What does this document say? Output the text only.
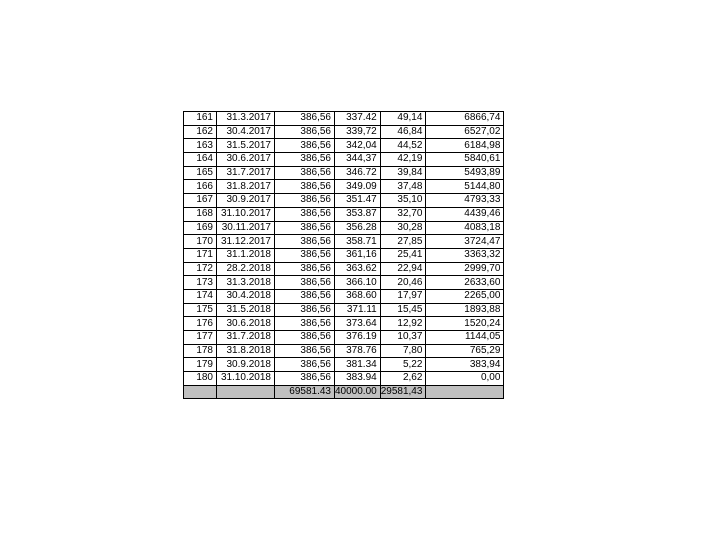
161	31.3.2017	386,56	337.42	49,14	6866,74
162	30.4.2017	386,56	339,72	46,84	6527,02
163	31.5.2017	386,56	342,04	44,52	6184,98
164	30.6.2017	386,56	344,37	42,19	5840,61
165	31.7.2017	386,56	346.72	39,84	5493,89
166	31.8.2017	386,56	349.09	37,48	5144,80
167	30.9.2017	386,56	351.47	35,10	4793,33
168	31.10.2017	386,56	353.87	32,70	4439,46
169	30.11.2017	386,56	356.28	30,28	4083,18
170	31.12.2017	386,56	358.71	27,85	3724,47
171	31.1.2018	386,56	361,16	25,41	3363,32
172	28.2.2018	386,56	363.62	22,94	2999,70
173	31.3.2018	386,56	366.10	20,46	2633,60
174	30.4.2018	386,56	368.60	17,97	2265,00
175	31.5.2018	386,56	371.11	15,45	1893,88
176	30.6.2018	386,56	373.64	12,92	1520,24
177	31.7.2018	386,56	376.19	10,37	1144,05
178	31.8.2018	386,56	378.76	7,80	765,29
179	30.9.2018	386,56	381.34	5,22	383,94
180	31.10.2018	386,56	383.94	2,62	0,00
		69581.43	40000.00	29581,43	
